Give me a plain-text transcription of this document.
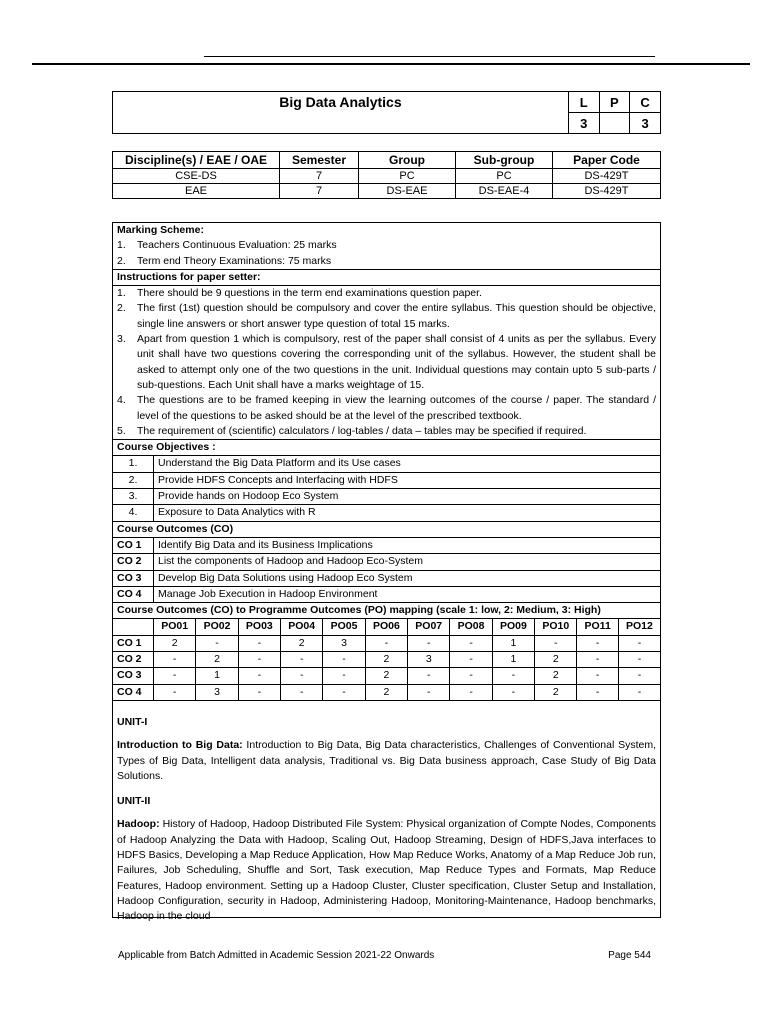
Big Data Analytics	L	P	C
	3		3
Discipline(s) / EAE / OAE	Semester	Group	Sub-group	Paper Code
CSE-DS	7	PC	PC	DS-429T
EAE	7	DS-EAE	DS-EAE-4	DS-429T
Marking Scheme:
1.	Teachers Continuous Evaluation: 25 marks
2.	Term end Theory Examinations: 75 marks
Instructions for paper setter:
1.	There should be 9 questions in the term end examinations question paper.
2.	The first (1st) question should be compulsory and cover the entire syllabus. This question should be objective, single line answers or short answer type question of total 15 marks.
3.	Apart from question 1 which is compulsory, rest of the paper shall consist of 4 units as per the syllabus. Every unit shall have two questions covering the corresponding unit of the syllabus. However, the student shall be asked to attempt only one of the two questions in the unit. Individual questions may contain upto 5 sub-parts / sub-questions. Each Unit shall have a marks weightage of 15.
4.	The questions are to be framed keeping in view the learning outcomes of the course / paper. The standard / level of the questions to be asked should be at the level of the prescribed textbook.
5.	The requirement of (scientific) calculators / log-tables / data – tables may be specified if required.
Course Objectives :
1.	Understand the Big Data Platform and its Use cases
2.	Provide HDFS Concepts and Interfacing with HDFS
3.	Provide hands on Hodoop Eco System
4.	Exposure to Data Analytics with R
Course Outcomes (CO)
CO 1	Identify Big Data and its Business Implications
CO 2	List the components of Hadoop and Hadoop Eco-System
CO 3	Develop Big Data Solutions using Hadoop Eco System
CO 4	Manage Job Execution in Hadoop Environment
Course Outcomes (CO) to Programme Outcomes (PO) mapping (scale 1: low, 2: Medium, 3: High)
	PO01	PO02	PO03	PO04	PO05	PO06	PO07	PO08	PO09	PO10	PO11	PO12
CO 1	2	-	-	2	3	-	-	-	1	-	-	-
CO 2	-	2	-	-	-	2	3	-	1	2	-	-
CO 3	-	1	-	-	-	2	-	-	-	2	-	-
CO 4	-	3	-	-	-	2	-	-	-	2	-	-
UNIT-I

Introduction to Big Data: Introduction to Big Data, Big Data characteristics, Challenges of Conventional System, Types of Big Data, Intelligent data analysis, Traditional vs. Big Data business approach, Case Study of Big Data Solutions.

UNIT-II

Hadoop: History of Hadoop, Hadoop Distributed File System: Physical organization of Compte Nodes, Components of Hadoop Analyzing the Data with Hadoop, Scaling Out, Hadoop Streaming, Design of HDFS,Java interfaces to HDFS Basics, Developing a Map Reduce Application, How Map Reduce Works, Anatomy of a Map Reduce Job run, Failures, Job Scheduling, Shuffle and Sort, Task execution, Map Reduce Types and Formats, Map Reduce Features, Hadoop environment. Setting up a Hadoop Cluster, Cluster specification, Cluster Setup and Installation, Hadoop Configuration, security in Hadoop, Administering Hadoop, Monitoring-Maintenance, Hadoop benchmarks, Hadoop in the cloud

Applicable from Batch Admitted in Academic Session 2021-22 Onwards	Page 544
